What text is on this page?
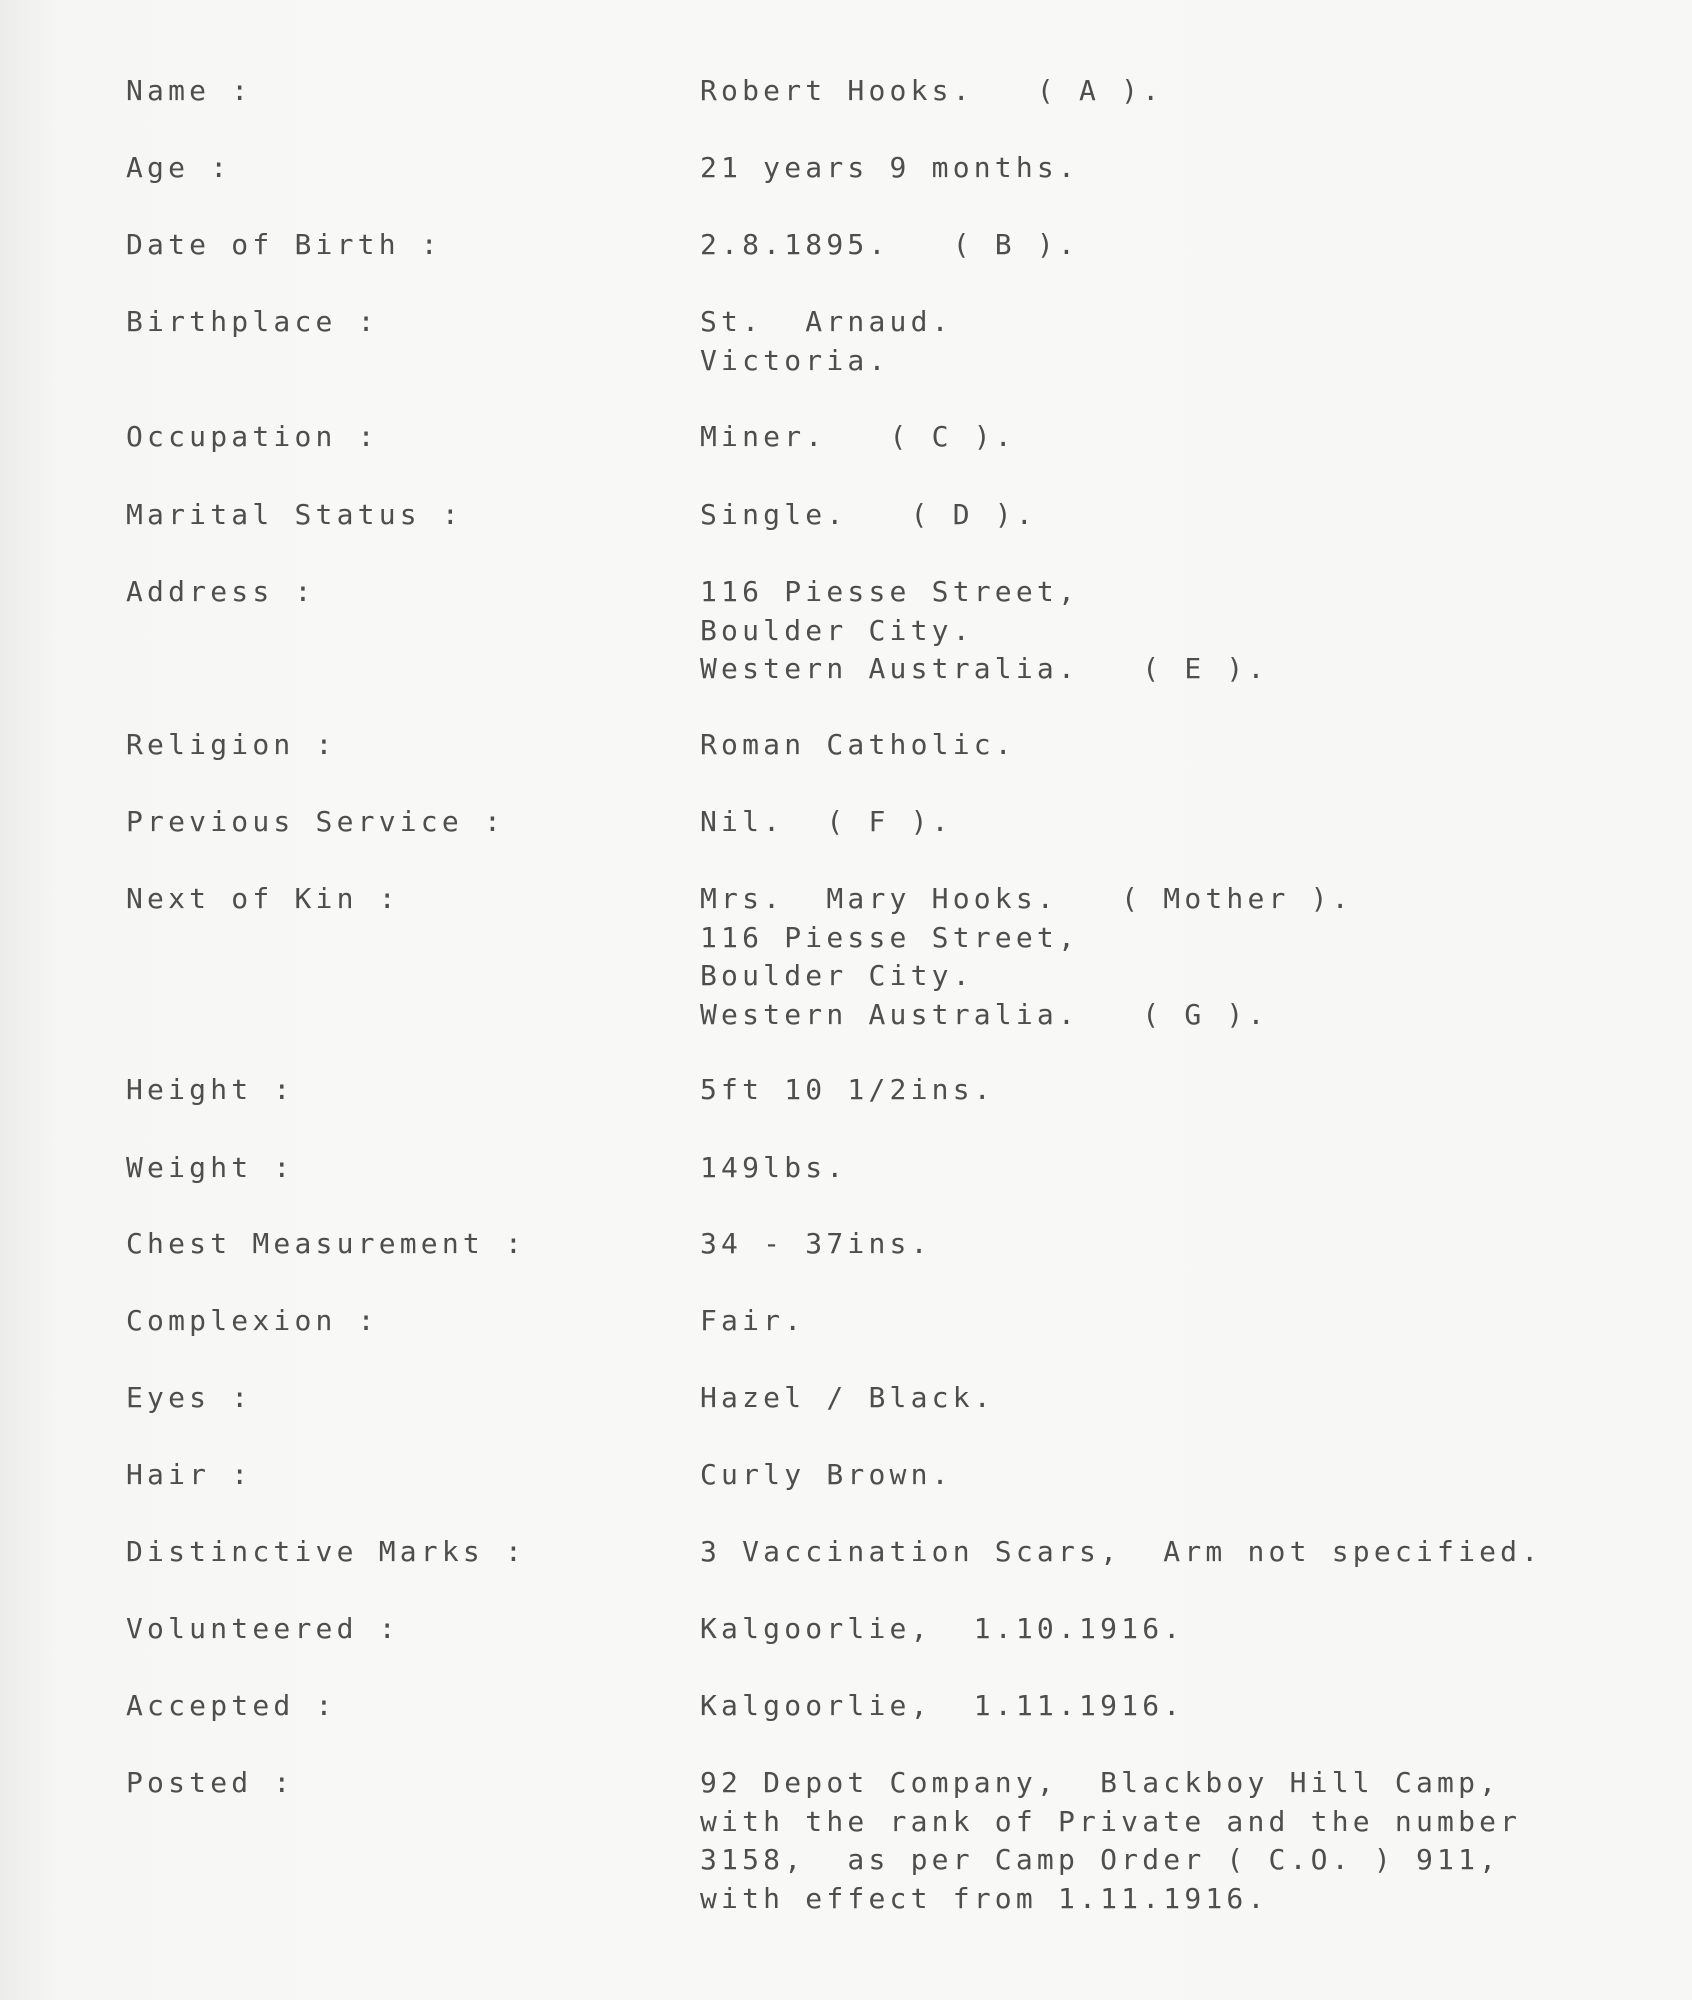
Name :	Robert Hooks.   ( A ).
Age :	21 years 9 months.
Date of Birth :	2.8.1895.   ( B ).
Birthplace :	St.  Arnaud.
Victoria.
Occupation :	Miner.   ( C ).
Marital Status :	Single.   ( D ).
Address :	116 Piesse Street,
Boulder City.
Western Australia.   ( E ).
Religion :	Roman Catholic.
Previous Service :	Nil.  ( F ).
Next of Kin :	Mrs.  Mary Hooks.   ( Mother ).
116 Piesse Street,
Boulder City.
Western Australia.   ( G ).
Height :	5ft 10 1/2ins.
Weight :	149lbs.
Chest Measurement :	34 - 37ins.
Complexion :	Fair.
Eyes :	Hazel / Black.
Hair :	Curly Brown.
Distinctive Marks :	3 Vaccination Scars,  Arm not specified.
Volunteered :	Kalgoorlie,  1.10.1916.
Accepted :	Kalgoorlie,  1.11.1916.
Posted :	92 Depot Company,  Blackboy Hill Camp,
with the rank of Private and the number
3158,  as per Camp Order ( C.O. ) 911,
with effect from 1.11.1916.
